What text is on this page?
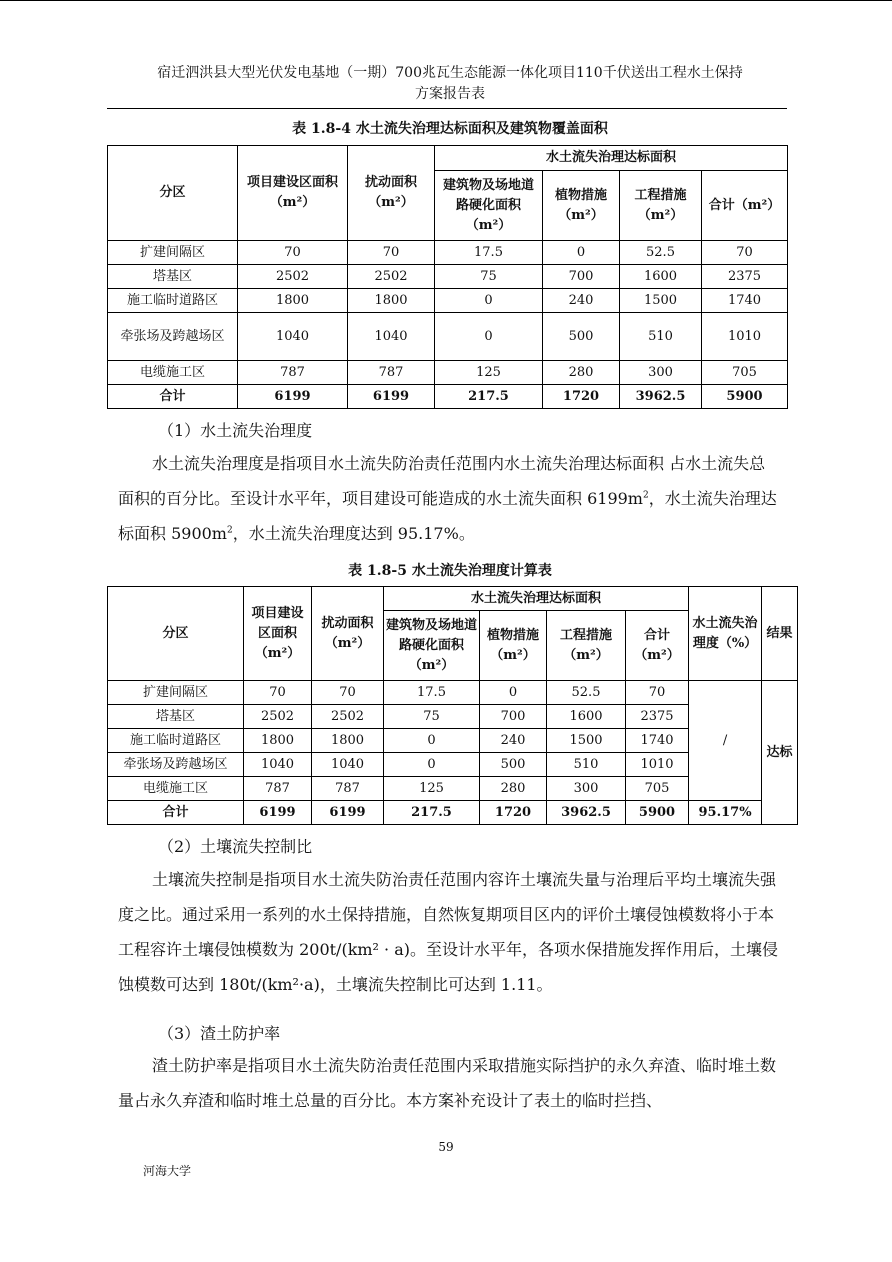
宿迁泗洪县大型光伏发电基地（一期）700兆瓦生态能源一体化项目110千伏送出工程水土保持
方案报告表
表 1.8-4 水土流失治理达标面积及建筑物覆盖面积
分区	项目建设区面积（m²）	扰动面积（m²）	水土流失治理达标面积			
			建筑物及场地道路硬化面积（m²）	植物措施（m²）	工程措施（m²）	合计（m²）
扩建间隔区	70	70	17.5	0	52.5	70
塔基区	2502	2502	75	700	1600	2375
施工临时道路区	1800	1800	0	240	1500	1740
牵张场及跨越场区	1040	1040	0	500	510	1010
电缆施工区	787	787	125	280	300	705
合计	6199	6199	217.5	1720	3962.5	5900
（1）水土流失治理度

水土流失治理度是指项目水土流失防治责任范围内水土流失治理达标面积 占水土流失总面积的百分比。至设计水平年，项目建设可能造成的水土流失面积 $6199m^2$，水土流失治理达标面积 $5900m^2$，水土流失治理度达到 95.17%。

表 1.8-5 水土流失治理度计算表
分区	项目建设区面积（m²）	扰动面积（m²）	水土流失治理达标面积				水土流失治理度（%）	结果
			建筑物及场地道路硬化面积（m²）	植物措施（m²）	工程措施（m²）	合计（m²）		
扩建间隔区	70	70	17.5	0	52.5	70	/	达标
塔基区	2502	2502	75	700	1600	2375		
施工临时道路区	1800	1800	0	240	1500	1740		
牵张场及跨越场区	1040	1040	0	500	510	1010		
电缆施工区	787	787	125	280	300	705		
合计	6199	6199	217.5	1720	3962.5	5900	95.17%	
（2）土壤流失控制比

土壤流失控制是指项目水土流失防治责任范围内容许土壤流失量与治理后平均土壤流失强度之比。通过采用一系列的水土保持措施，自然恢复期项目区内的评价土壤侵蚀模数将小于本工程容许土壤侵蚀模数为 200t/(km² · a)。至设计水平年，各项水保措施发挥作用后，土壤侵蚀模数可达到 180t/(km²·a)，土壤流失控制比可达到 1.11。

（3）渣土防护率

渣土防护率是指项目水土流失防治责任范围内采取措施实际挡护的永久弃渣、临时堆土数量占永久弃渣和临时堆土总量的百分比。本方案补充设计了表土的临时拦挡、

59
河海大学
